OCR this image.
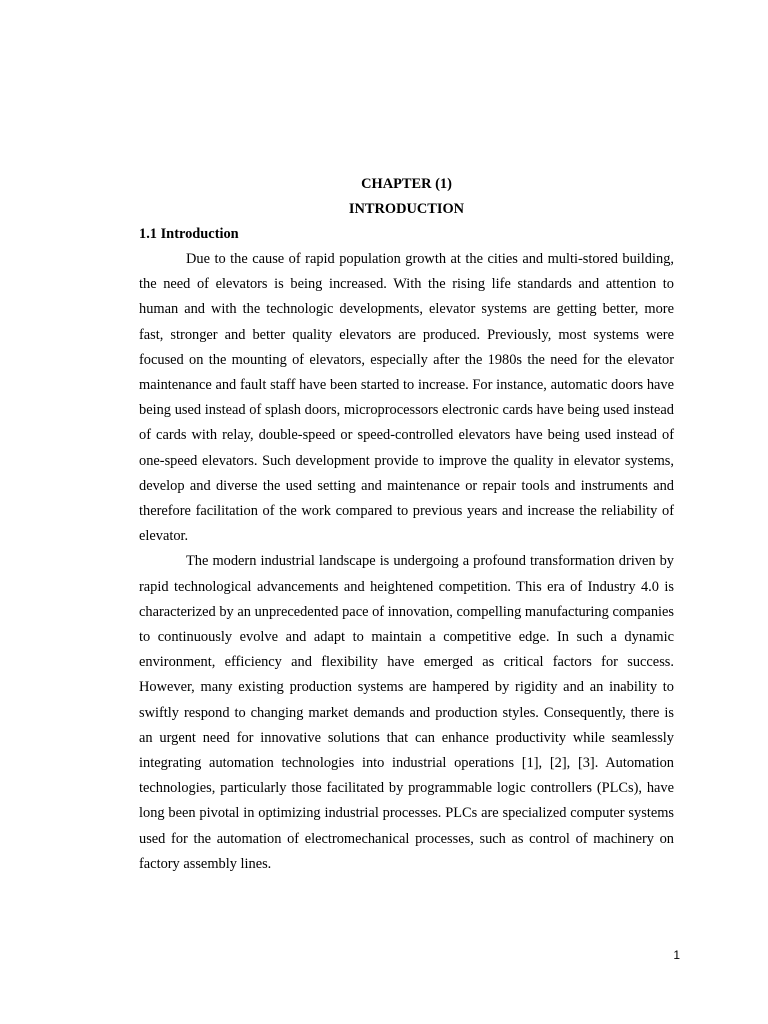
CHAPTER (1)
INTRODUCTION
1.1 Introduction

Due to the cause of rapid population growth at the cities and multi-stored building, the need of elevators is being increased. With the rising life standards and attention to human and with the technologic developments, elevator systems are getting better, more fast, stronger and better quality elevators are produced. Previously, most systems were focused on the mounting of elevators, especially after the 1980s the need for the elevator maintenance and fault staff have been started to increase. For instance, automatic doors have being used instead of splash doors, microprocessors electronic cards have being used instead of cards with relay, double-speed or speed-controlled elevators have being used instead of one-speed elevators. Such development provide to improve the quality in elevator systems, develop and diverse the used setting and maintenance or repair tools and instruments and therefore facilitation of the work compared to previous years and increase the reliability of elevator.

The modern industrial landscape is undergoing a profound transformation driven by rapid technological advancements and heightened competition. This era of Industry 4.0 is characterized by an unprecedented pace of innovation, compelling manufacturing companies to continuously evolve and adapt to maintain a competitive edge. In such a dynamic environment, efficiency and flexibility have emerged as critical factors for success. However, many existing production systems are hampered by rigidity and an inability to swiftly respond to changing market demands and production styles. Consequently, there is an urgent need for innovative solutions that can enhance productivity while seamlessly integrating automation technologies into industrial operations [1], [2], [3]. Automation technologies, particularly those facilitated by programmable logic controllers (PLCs), have long been pivotal in optimizing industrial processes. PLCs are specialized computer systems used for the automation of electromechanical processes, such as control of machinery on factory assembly lines.

1
